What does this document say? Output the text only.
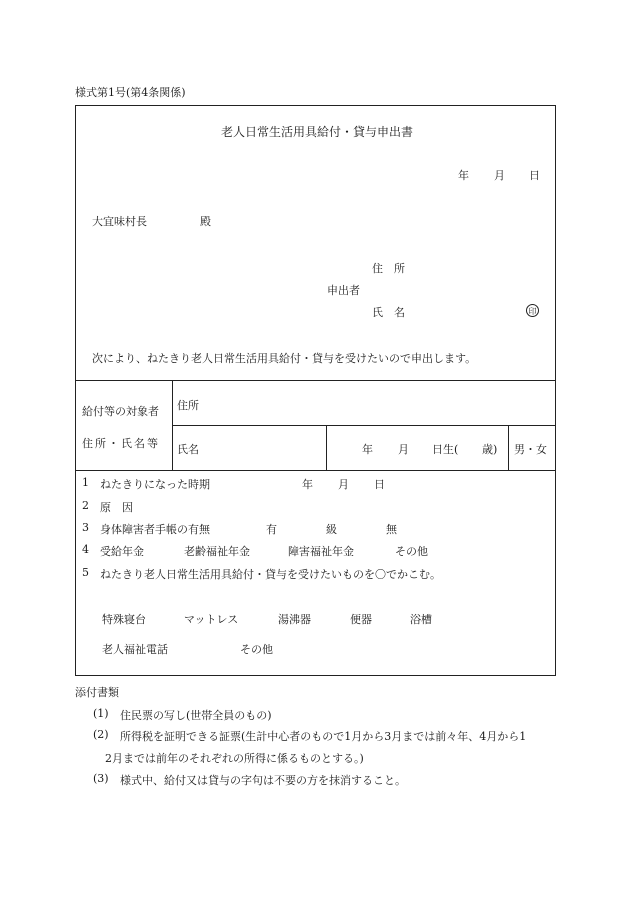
様式第1号(第4条関係)
老人日常生活用具給付・貸与申出書
年 月 日
大宜味村長	殿
住　所
申出者
氏　名	印
次により、ねたきり老人日常生活用具給付・貸与を受けたいので申出します。
給付等の対象者
住所・氏名等
住所
氏名	年 月 日生( 歳) 男・女
1 ねたきりになった時期	年 月 日
2 原　因
3 身体障害者手帳の有無	有	級	無
4 受給年金	老齢福祉年金	障害福祉年金	その他
5 ねたきり老人日常生活用具給付・貸与を受けたいものを〇でかこむ。
特殊寝台	マットレス	湯沸器	便器	浴槽
老人福祉電話	その他
添付書類
(1) 住民票の写し(世帯全員のもの)
(2) 所得税を証明できる証票(生計中心者のもので1月から3月までは前々年、4月から1
2月までは前年のそれぞれの所得に係るものとする。)
(3) 様式中、給付又は貸与の字句は不要の方を抹消すること。
